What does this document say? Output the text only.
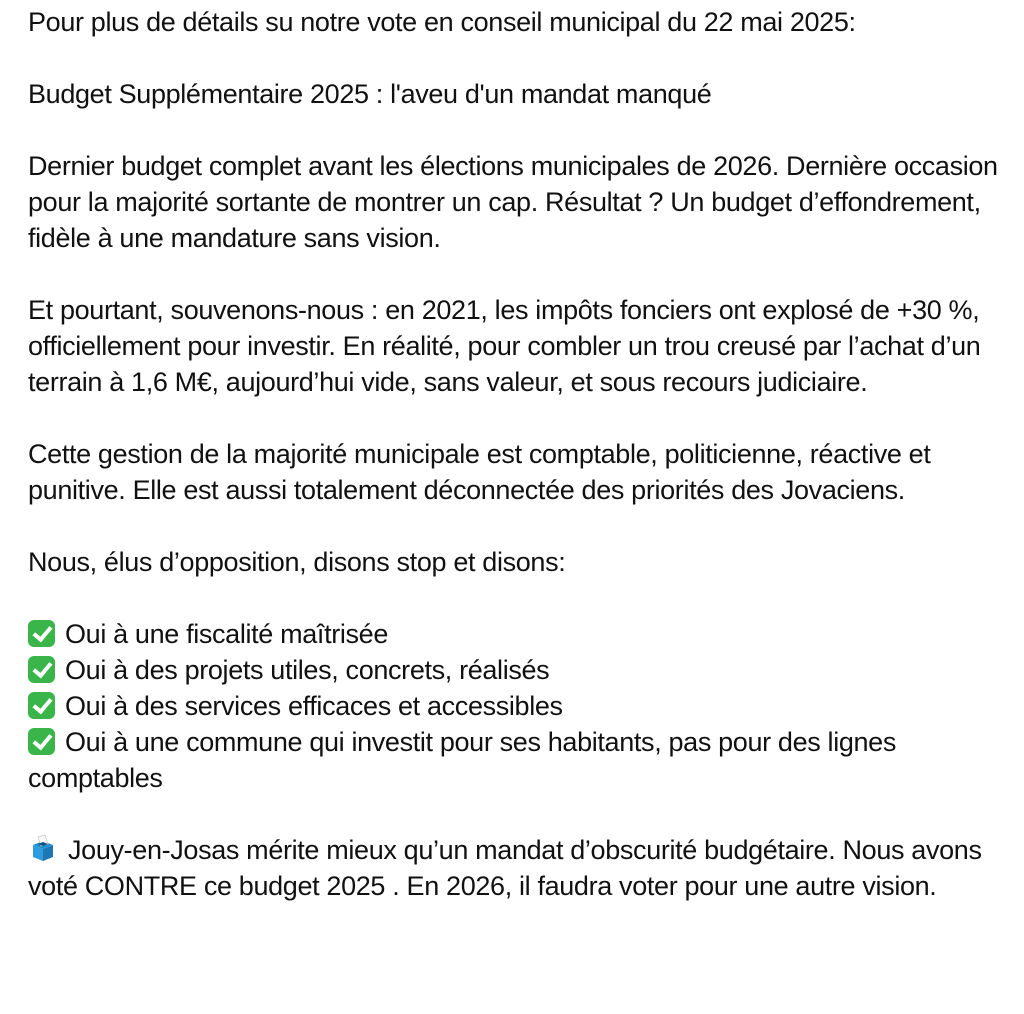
Pour plus de détails su notre vote en conseil municipal du 22 mai 2025:

Budget Supplémentaire 2025 : l'aveu d'un mandat manqué

Dernier budget complet avant les élections municipales de 2026. Dernière occasion pour la majorité sortante de montrer un cap. Résultat ? Un budget d’effondrement, fidèle à une mandature sans vision.

Et pourtant, souvenons-nous : en 2021, les impôts fonciers ont explosé de +30 %, officiellement pour investir. En réalité, pour combler un trou creusé par l’achat d’un terrain à 1,6 M€, aujourd’hui vide, sans valeur, et sous recours judiciaire.

Cette gestion de la majorité municipale est comptable, politicienne, réactive et punitive. Elle est aussi totalement déconnectée des priorités des Jovaciens.

Nous, élus d’opposition, disons stop et disons:

Oui à une fiscalité maîtrisée
Oui à des projets utiles, concrets, réalisés
Oui à des services efficaces et accessibles
Oui à une commune qui investit pour ses habitants, pas pour des lignes comptables

Jouy-en-Josas mérite mieux qu’un mandat d’obscurité budgétaire. Nous avons voté CONTRE ce budget 2025 . En 2026, il faudra voter pour une autre vision.
